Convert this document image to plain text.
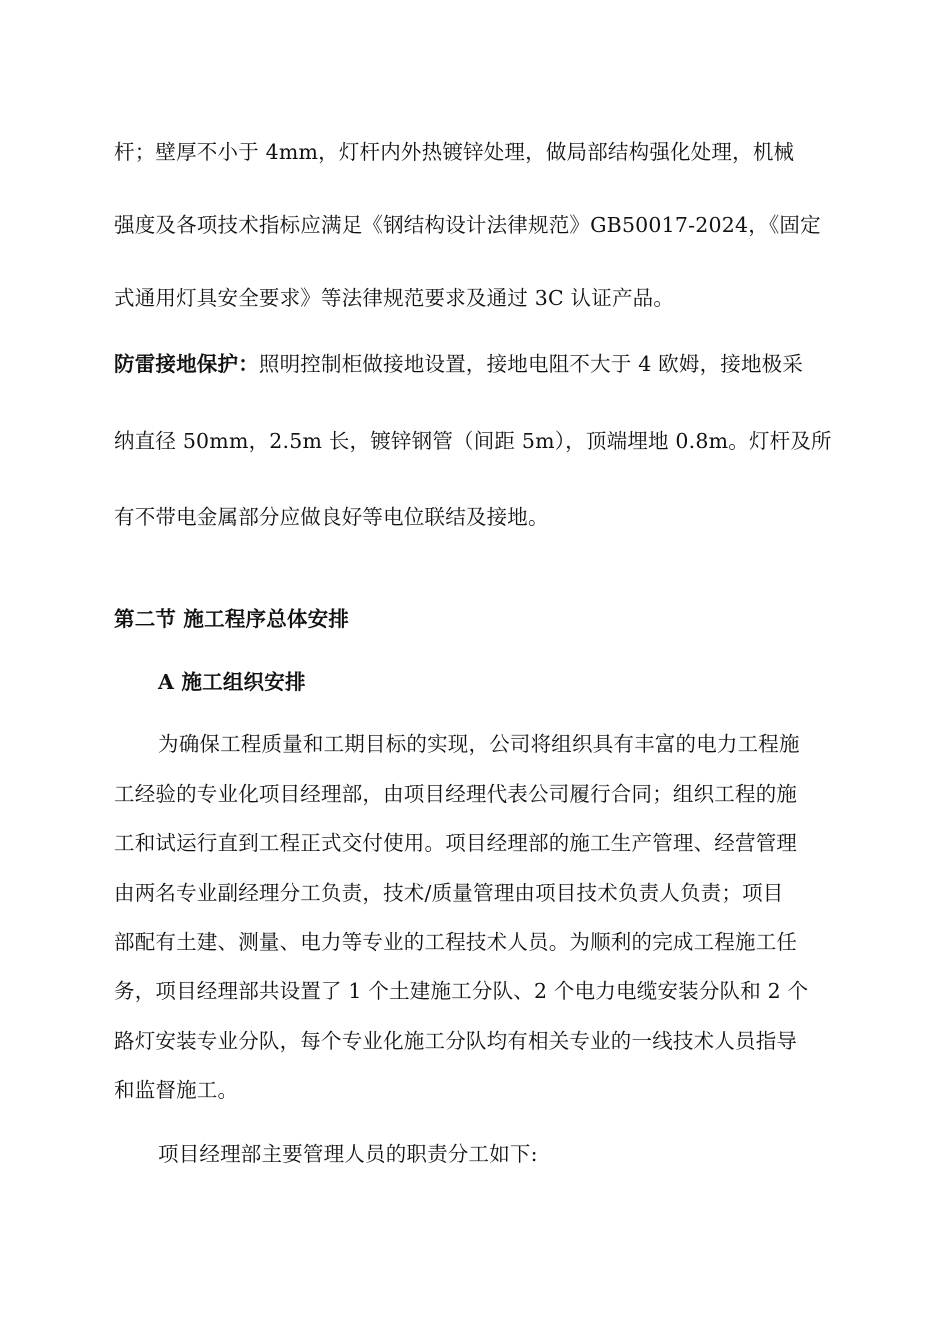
杆；壁厚不小于 4mm，灯杆内外热镀锌处理，做局部结构强化处理，机械
强度及各项技术指标应满足《钢结构设计法律规范》GB50017-2024，《固定
式通用灯具安全要求》等法律规范要求及通过 3C 认证产品。
防雷接地保护：照明控制柜做接地设置，接地电阻不大于 4 欧姆，接地极采
纳直径 50mm，2.5m 长，镀锌钢管（间距 5m），顶端埋地 0.8m。灯杆及所
有不带电金属部分应做良好等电位联结及接地。
第二节 施工程序总体安排
A 施工组织安排
为确保工程质量和工期目标的实现，公司将组织具有丰富的电力工程施
工经验的专业化项目经理部，由项目经理代表公司履行合同；组织工程的施
工和试运行直到工程正式交付使用。项目经理部的施工生产管理、经营管理
由两名专业副经理分工负责，技术/质量管理由项目技术负责人负责；项目
部配有土建、测量、电力等专业的工程技术人员。为顺利的完成工程施工任
务，项目经理部共设置了 1 个土建施工分队、2 个电力电缆安装分队和 2 个
路灯安装专业分队，每个专业化施工分队均有相关专业的一线技术人员指导
和监督施工。
项目经理部主要管理人员的职责分工如下:
